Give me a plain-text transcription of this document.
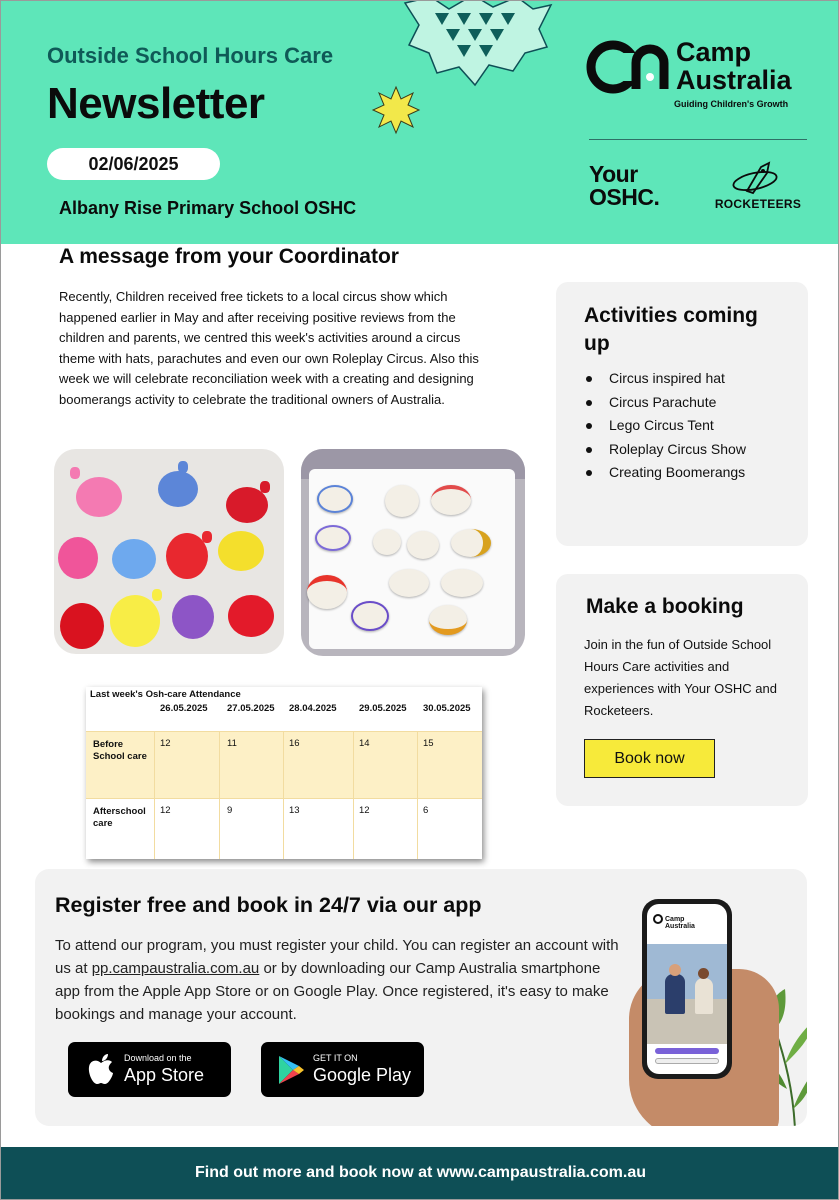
Outside School Hours Care
Newsletter
02/06/2025
Albany Rise Primary School OSHC
Camp
Australia
Guiding Children's Growth
Your
OSHC.	ROCKETEERS
A message from your Coordinator
Recently, Children received free tickets to a local circus show which happened earlier in May and after receiving positive reviews from the children and parents, we centred this week's activities around a circus theme with hats, parachutes and even our own Roleplay Circus. Also this week we will celebrate reconciliation week with a creating and designing boomerangs activity to celebrate the traditional owners of Australia.
Last week's Osh-care Attendance
26.05.2025 27.05.2025 28.04.2025 29.05.2025 30.05.2025
Before School care
12	11	16	14	15
Afterschool care
12	9	13	12	6
Activities coming up
Circus inspired hat
Circus Parachute
Lego Circus Tent
Roleplay Circus Show
Creating Boomerangs
Make a booking
Join in the fun of Outside School Hours Care activities and experiences with Your OSHC and Rocketeers.
Book now
Register free and book in 24/7 via our app
To attend our program, you must register your child. You can register an account with us at pp.campaustralia.com.au or by downloading our Camp Australia smartphone app from the Apple App Store or on Google Play. Once registered, it's easy to make bookings and manage your account.
Download on the
App Store
GET IT ON
Google Play
Camp
Australia
Find out more and book now at www.campaustralia.com.au
